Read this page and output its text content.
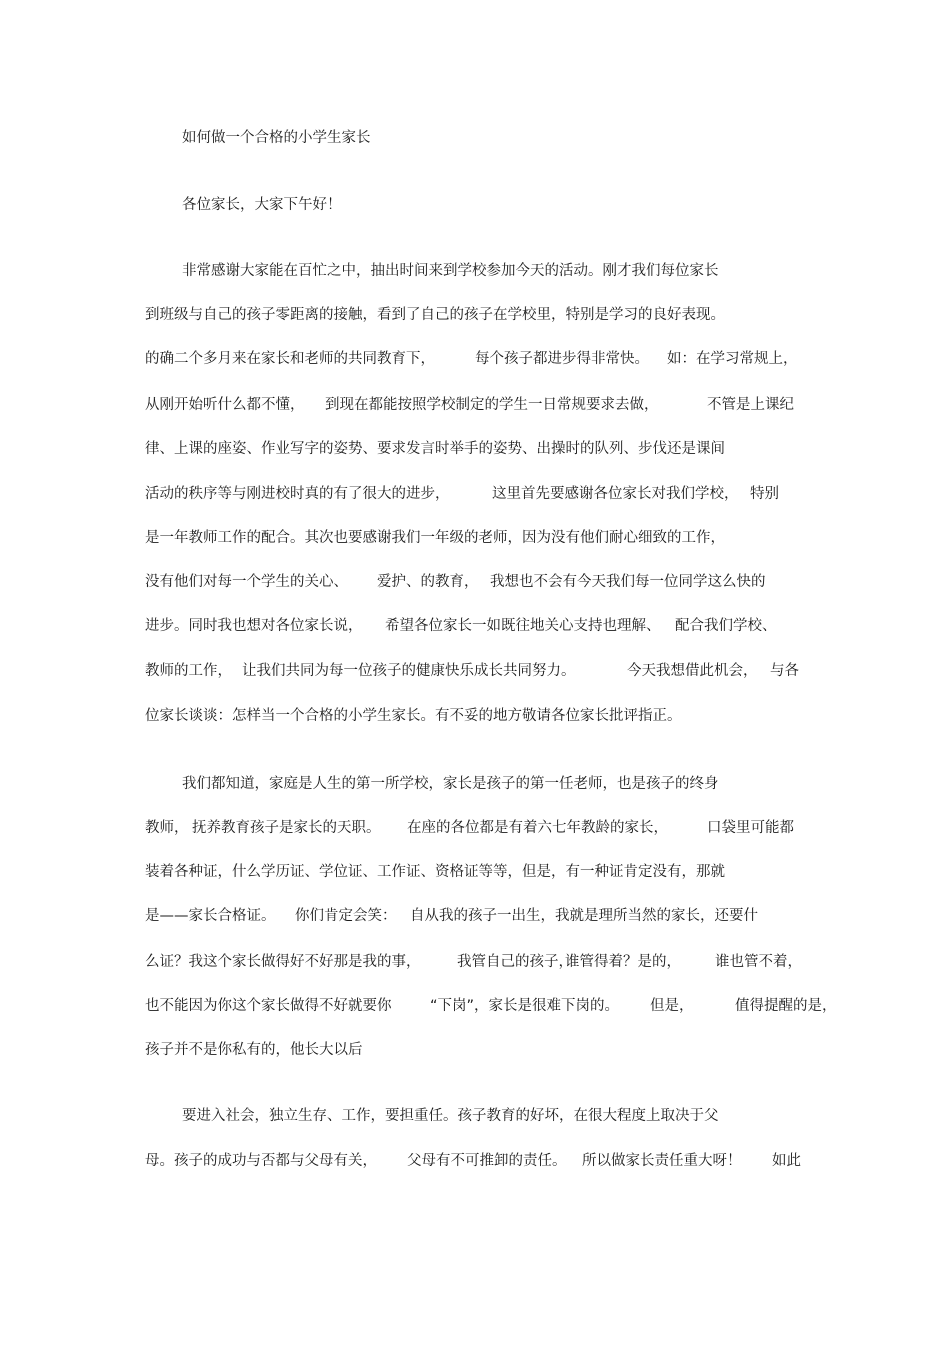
如何做一个合格的小学生家长
各位家长，大家下午好！
非常感谢大家能在百忙之中，抽出时间来到学校参加今天的活动。刚才我们每位家长
到班级与自己的孩子零距离的接触，看到了自己的孩子在学校里，特别是学习的良好表现。
的确二个多月来在家长和老师的共同教育下，	每个孩子都进步得非常快。 如：在学习常规上，
从刚开始听什么都不懂， 到现在都能按照学校制定的学生一日常规要求去做，	不管是上课纪
律、上课的座姿、作业写字的姿势、要求发言时举手的姿势、出操时的队列、步伐还是课间
活动的秩序等与刚进校时真的有了很大的进步，	这里首先要感谢各位家长对我们学校， 特别
是一年教师工作的配合。其次也要感谢我们一年级的老师，因为没有他们耐心细致的工作，
没有他们对每一个学生的关心、 爱护、的教育， 我想也不会有今天我们每一位同学这么快的
进步。同时我也想对各位家长说， 希望各位家长一如既往地关心支持也理解、 配合我们学校、
教师的工作， 让我们共同为每一位孩子的健康快乐成长共同努力。	今天我想借此机会， 与各
位家长谈谈：怎样当一个合格的小学生家长。有不妥的地方敬请各位家长批评指正。
我们都知道，家庭是人生的第一所学校，家长是孩子的第一任老师，也是孩子的终身
教师， 抚养教育孩子是家长的天职。 在座的各位都是有着六七年教龄的家长，	口袋里可能都
装着各种证，什么学历证、学位证、工作证、资格证等等，但是，有一种证肯定没有，那就
是——家长合格证。 你们肯定会笑： 自从我的孩子一出生，我就是理所当然的家长，还要什
么证？我这个家长做得好不好那是我的事，	我管自己的孩子，
谁管得着？是的， 谁也管不着，
也不能因为你这个家长做得不好就要你	“下岗”，家长是很难下岗的。 但是，	值得提醒的是，
孩子并不是你私有的，他长大以后
要进入社会，独立生存、工作，要担重任。孩子教育的好坏，在很大程度上取决于父
母。孩子的成功与否都与父母有关， 父母有不可推卸的责任。 所以做家长责任重大呀！ 如此
